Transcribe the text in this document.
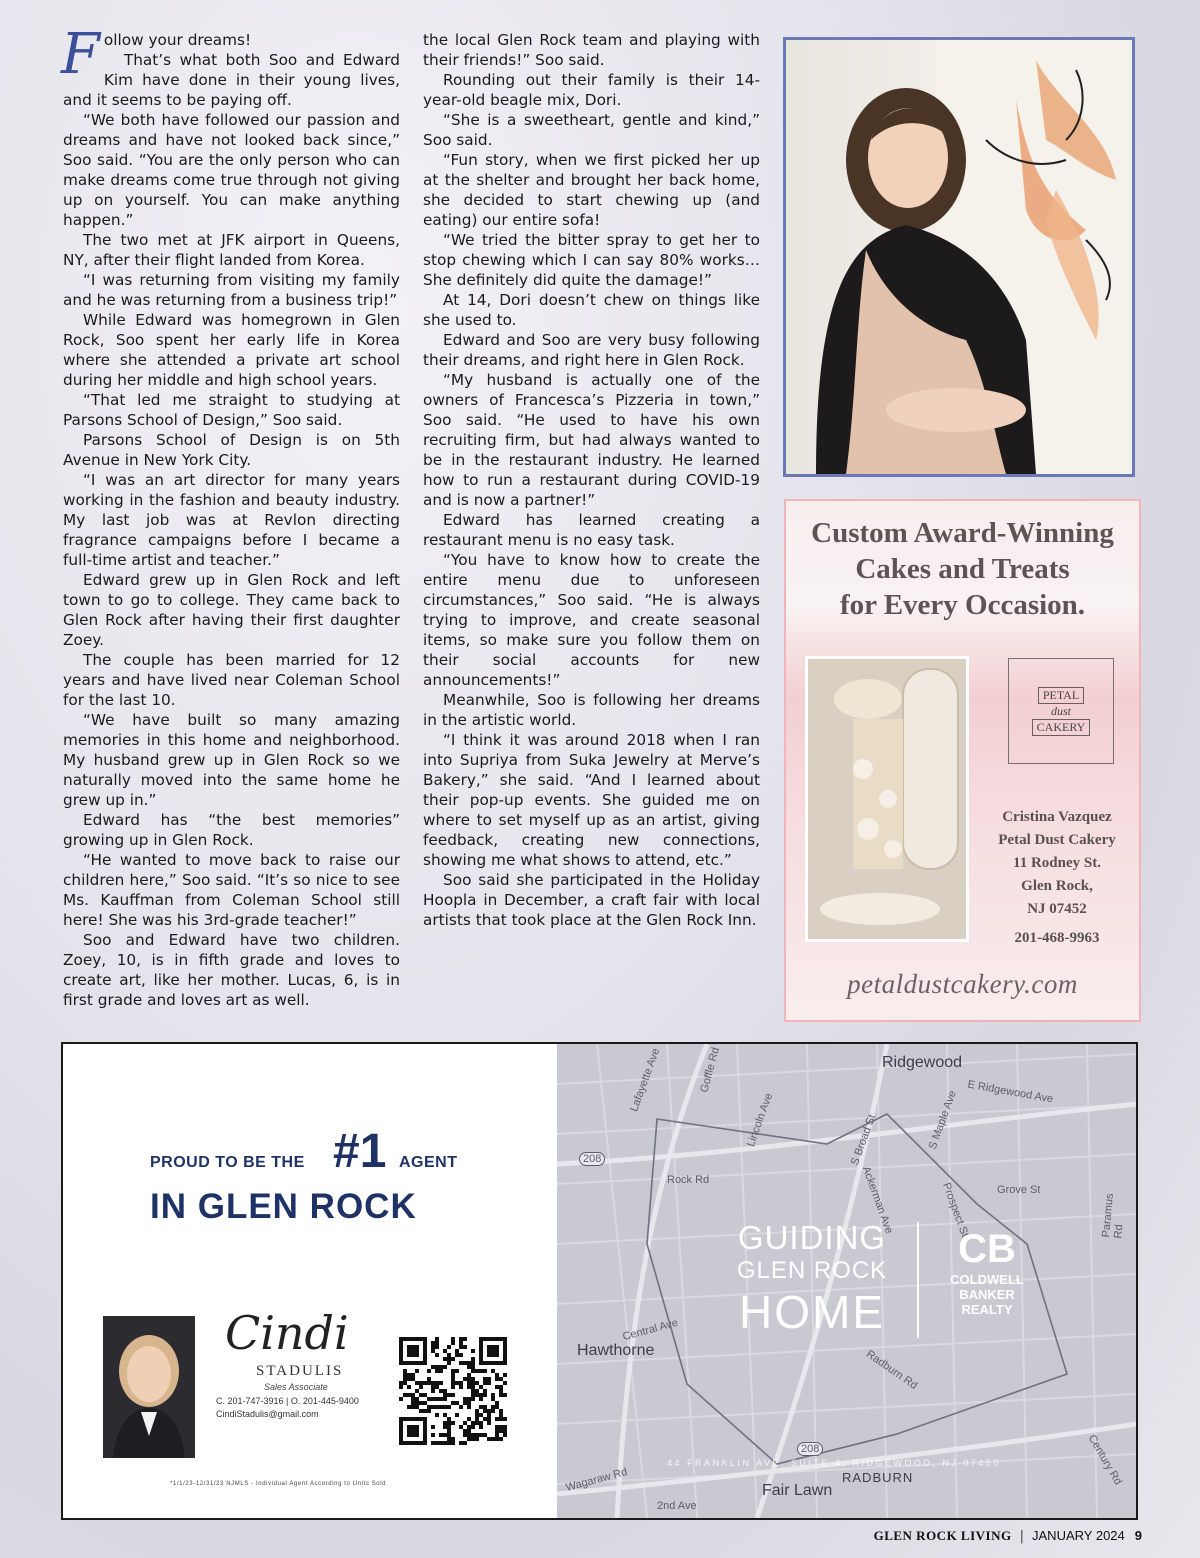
F ollow your dreams!

That’s what both Soo and Edward Kim have done in their young lives, and it seems to be paying off.

“We both have followed our passion and dreams and have not looked back since,” Soo said. “You are the only person who can make dreams come true through not giving up on yourself. You can make anything happen.”

The two met at JFK airport in Queens, NY, after their flight landed from Korea.

“I was returning from visiting my family and he was returning from a business trip!”

While Edward was homegrown in Glen Rock, Soo spent her early life in Korea where she attended a private art school during her middle and high school years.

“That led me straight to studying at Parsons School of Design,” Soo said.

Parsons School of Design is on 5th Avenue in New York City.

“I was an art director for many years working in the fashion and beauty industry. My last job was at Revlon directing fragrance campaigns before I became a full-time artist and teacher.”

Edward grew up in Glen Rock and left town to go to college. They came back to Glen Rock after having their first daughter Zoey.

The couple has been married for 12 years and have lived near Coleman School for the last 10.

“We have built so many amazing memories in this home and neighborhood. My husband grew up in Glen Rock so we naturally moved into the same home he grew up in.”

Edward has “the best memories” growing up in Glen Rock.

“He wanted to move back to raise our children here,” Soo said. “It’s so nice to see Ms. Kauffman from Coleman School still here! She was his 3rd-grade teacher!”

Soo and Edward have two children. Zoey, 10, is in fifth grade and loves to create art, like her mother. Lucas, 6, is in first grade and loves art as well.

the local Glen Rock team and playing with their friends!” Soo said.

Rounding out their family is their 14-year-old beagle mix, Dori.

“She is a sweetheart, gentle and kind,” Soo said.

“Fun story, when we first picked her up at the shelter and brought her back home, she decided to start chewing up (and eating) our entire sofa!

“We tried the bitter spray to get her to stop chewing which I can say 80% works… She definitely did quite the damage!”

At 14, Dori doesn’t chew on things like she used to.

Edward and Soo are very busy following their dreams, and right here in Glen Rock.

“My husband is actually one of the owners of Francesca’s Pizzeria in town,” Soo said. “He used to have his own recruiting firm, but had always wanted to be in the restaurant industry. He learned how to run a restaurant during COVID-19 and is now a partner!”

Edward has learned creating a restaurant menu is no easy task.

“You have to know how to create the entire menu due to unforeseen circumstances,” Soo said. “He is always trying to improve, and create seasonal items, so make sure you follow them on their social accounts for new announcements!”

Meanwhile, Soo is following her dreams in the artistic world.

“I think it was around 2018 when I ran into Supriya from Suka Jewelry at Merve’s Bakery,” she said. “And I learned about their pop-up events. She guided me on where to set myself up as an artist, giving feedback, creating new connections, showing me what shows to attend, etc.”

Soo said she participated in the Holiday Hoopla in December, a craft fair with local artists that took place at the Glen Rock Inn.

Custom Award-Winning
Cakes and Treats
for Every Occasion.
PETAL
dust
CAKERY
Cristina Vazquez
Petal Dust Cakery
11 Rodney St.
Glen Rock,
NJ 07452
201-468-9963
petaldustcakery.com
PROUD TO BE THE #1 AGENT
IN GLEN ROCK
Cindi
STADULIS
Sales Associate
C. 201-747-3916 | O. 201-445-9400
CindiStadulis@gmail.com
*1/1/23-12/31/23 NJMLS - Individual Agent According to Units Sold
Ridgewood
Hawthorne
Fair Lawn
RADBURN
Lafayette Ave	Goffle Rd
Lincoln Ave	S Broad St	S Maple Ave E Ridgewood Ave
Rock Rd	Ackerman Ave	Prospect St Grove St
Central Ave
Radburn Rd
Wagaraw Rd
2nd Ave
Paramus Rd
Century Rd
208
208
GUIDING
GLEN ROCK
HOME
CB
COLDWELL
BANKER
REALTY
44 FRANKLIN AVE, SUITE 4, RIDGEWOOD, NJ 07450
GLEN ROCK LIVING | JANUARY 2024 9
